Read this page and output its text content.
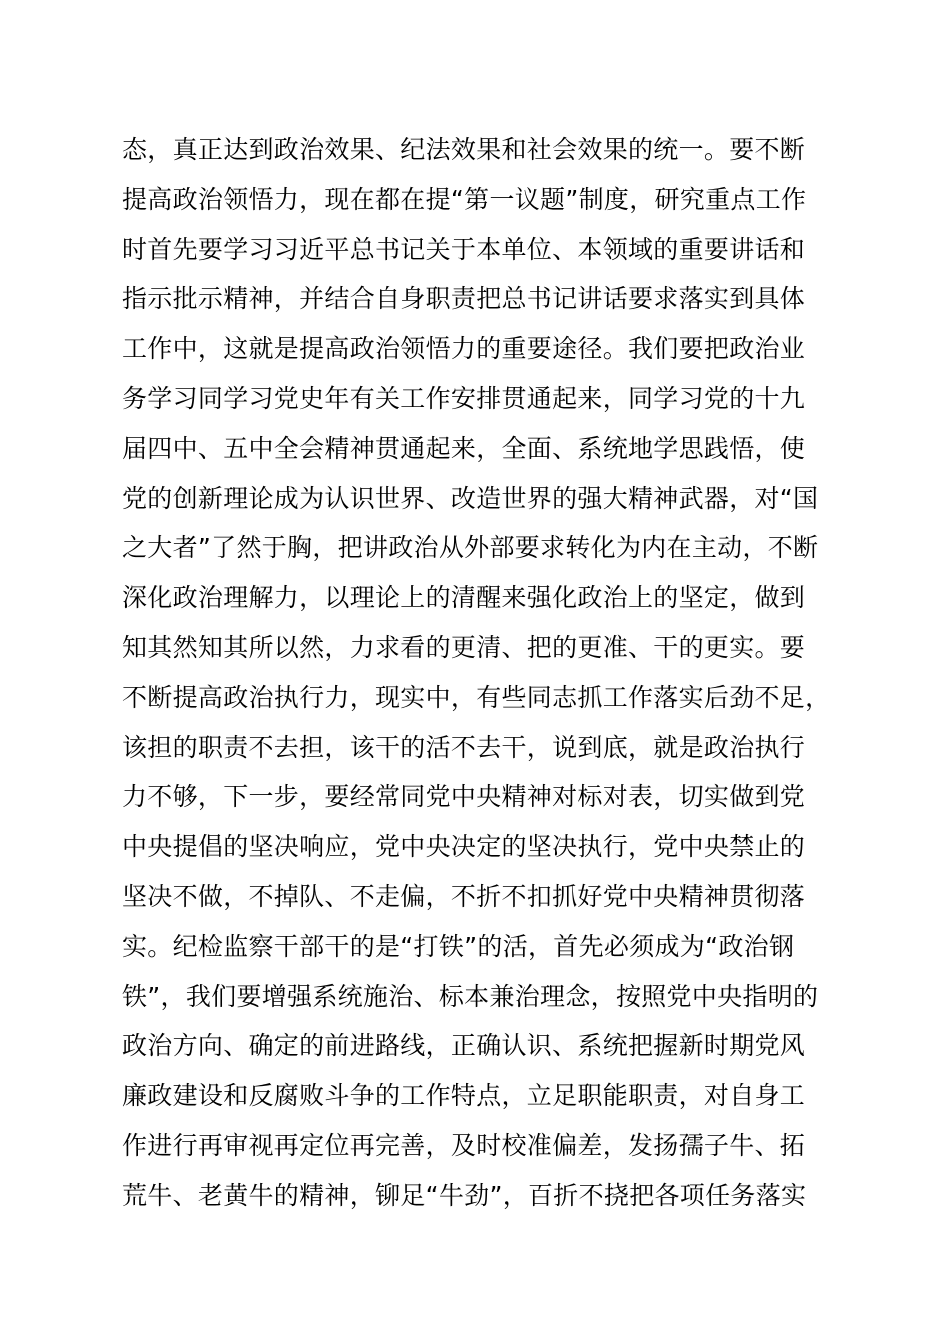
态，真正达到政治效果、纪法效果和社会效果的统一。要不断
提高政治领悟力，现在都在提“第一议题”制度，研究重点工作
时首先要学习习近平总书记关于本单位、本领域的重要讲话和
指示批示精神，并结合自身职责把总书记讲话要求落实到具体
工作中，这就是提高政治领悟力的重要途径。我们要把政治业
务学习同学习党史年有关工作安排贯通起来，同学习党的十九
届四中、五中全会精神贯通起来，全面、系统地学思践悟，使
党的创新理论成为认识世界、改造世界的强大精神武器，对“国
之大者”了然于胸，把讲政治从外部要求转化为内在主动，不断
深化政治理解力，以理论上的清醒来强化政治上的坚定，做到
知其然知其所以然，力求看的更清、把的更准、干的更实。要
不断提高政治执行力，现实中，有些同志抓工作落实后劲不足，
该担的职责不去担，该干的活不去干，说到底，就是政治执行
力不够，下一步，要经常同党中央精神对标对表，切实做到党
中央提倡的坚决响应，党中央决定的坚决执行，党中央禁止的
坚决不做，不掉队、不走偏，不折不扣抓好党中央精神贯彻落
实。纪检监察干部干的是“打铁”的活，首先必须成为“政治钢
铁”，我们要增强系统施治、标本兼治理念，按照党中央指明的
政治方向、确定的前进路线，正确认识、系统把握新时期党风
廉政建设和反腐败斗争的工作特点，立足职能职责，对自身工
作进行再审视再定位再完善，及时校准偏差，发扬孺子牛、拓
荒牛、老黄牛的精神，铆足“牛劲”，百折不挠把各项任务落实
